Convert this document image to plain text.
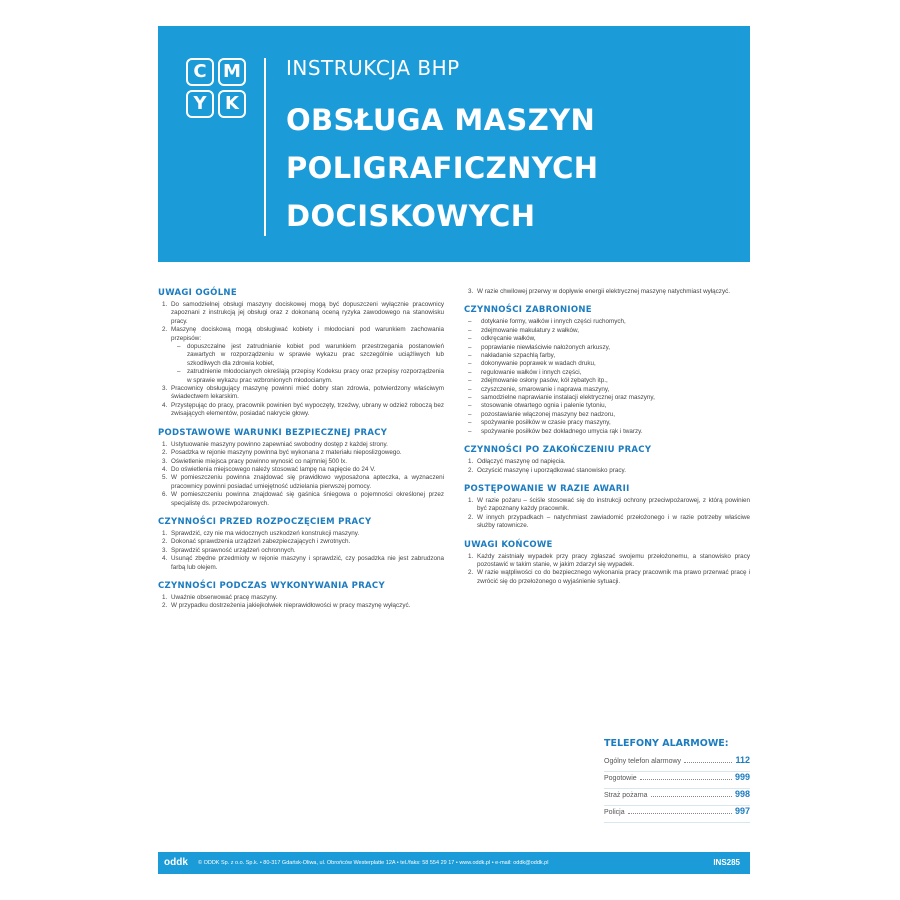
C M
Y	K
INSTRUKCJA BHP
OBSŁUGA MASZYN
POLIGRAFICZNYCH
DOCISKOWYCH
UWAGI OGÓLNE
1. Do samodzielnej obsługi maszyny dociskowej mogą być dopuszczeni wyłącznie pracownicy zapoznani z instrukcją jej obsługi oraz z dokonaną oceną ryzyka zawodowego na stanowisku pracy.
2. Maszynę dociskową mogą obsługiwać kobiety i młodociani pod warunkiem zachowania przepisów:
– dopuszczalne jest zatrudnianie kobiet pod warunkiem przestrzegania postanowień zawartych w rozporządzeniu w sprawie wykazu prac szczególnie uciążliwych lub szkodliwych dla zdrowia kobiet,
– zatrudnienie młodocianych określają przepisy Kodeksu pracy oraz przepisy rozporządzenia w sprawie wykazu prac wzbronionych młodocianym.
3. Pracownicy obsługujący maszynę powinni mieć dobry stan zdrowia, potwierdzony właściwym świadectwem lekarskim.
4. Przystępując do pracy, pracownik powinien być wypoczęty, trzeźwy, ubrany w odzież roboczą bez zwisających elementów, posiadać nakrycie głowy.
PODSTAWOWE WARUNKI BEZPIECZNEJ PRACY
1. Ustytuowanie maszyny powinno zapewniać swobodny dostęp z każdej strony.
2. Posadzka w rejonie maszyny powinna być wykonana z materiału nieposlizgowego.
3. Oświetlenie miejsca pracy powinno wynosić co najmniej 500 lx.
4. Do oświetlenia miejscowego należy stosować lampę na napięcie do 24 V.
5. W pomieszczeniu powinna znajdować się prawidłowo wyposażona apteczka, a wyznaczeni pracownicy powinni posiadać umiejętność udzielania pierwszej pomocy.
6. W pomieszczeniu powinna znajdować się gaśnica śniegowa o pojemności określonej przez specjalistę ds. przeciwpożarowych.
CZYNNOŚCI PRZED ROZPOCZĘCIEM PRACY
1. Sprawdzić, czy nie ma widocznych uszkodzeń konstrukcji maszyny.
2. Dokonać sprawdzenia urządzeń zabezpieczających i zwrotnych.
3. Sprawdzić sprawność urządzeń ochronnych.
4. Usunąć zbędne przedmioty w rejonie maszyny i sprawdzić, czy posadzka nie jest zabrudzona farbą lub olejem.
CZYNNOŚCI PODCZAS WYKONYWANIA PRACY
1. Uważnie obserwować pracę maszyny.
2. W przypadku dostrzeżenia jakiejkolwiek nieprawidłowości w pracy maszynę wyłączyć.
3. W razie chwilowej przerwy w dopływie energii elektrycznej maszynę natychmiast wyłączyć.
CZYNNOŚCI ZABRONIONE
– dotykanie formy, wałków i innych części ruchomych,
– zdejmowanie makulatury z wałków,
– odkręcanie wałków,
– poprawianie niewłaściwie nałożonych arkuszy,
– nakładanie szpachlą farby,
– dokonywanie poprawek w wadach druku,
– regulowanie wałków i innych części,
– zdejmowanie osłony pasów, kół zębatych itp.,
– czyszczenie, smarowanie i naprawa maszyny,
– samodzielne naprawianie instalacji elektrycznej oraz maszyny,
– stosowanie otwartego ognia i palenie tytoniu,
– pozostawianie włączonej maszyny bez nadzoru,
– spożywanie posiłków w czasie pracy maszyny,
– spożywanie posiłków bez dokładnego umycia rąk i twarzy.
CZYNNOŚCI PO ZAKOŃCZENIU PRACY
1. Odłączyć maszynę od napięcia.
2. Oczyścić maszynę i uporządkować stanowisko pracy.
POSTĘPOWANIE W RAZIE AWARII
1. W razie pożaru – ściśle stosować się do instrukcji ochrony przeciwpożarowej, z którą powinien być zapoznany każdy pracownik.
2. W innych przypadkach – natychmiast zawiadomić przełożonego i w razie potrzeby właściwe służby ratownicze.
UWAGI KOŃCOWE
1. Każdy zaistniały wypadek przy pracy zgłaszać swojemu przełożonemu, a stanowisko pracy pozostawić w takim stanie, w jakim zdarzył się wypadek.
2. W razie wątpliwości co do bezpiecznego wykonania pracy pracownik ma prawo przerwać pracę i zwrócić się do przełożonego o wyjaśnienie sytuacji.
TELEFONY ALARMOWE:
Ogólny telefon alarmowy	112
Pogotowie	999
Straż pożarna	998
Policja	997
oddk © ODDK Sp. z o.o. Sp.k. • 80-317 Gdańsk-Oliwa, ul. Obrońców Westerplatte 12A • tel./faks: 58 554 29 17 • www.oddk.pl • e-mail: oddk@oddk.pl	INS285
